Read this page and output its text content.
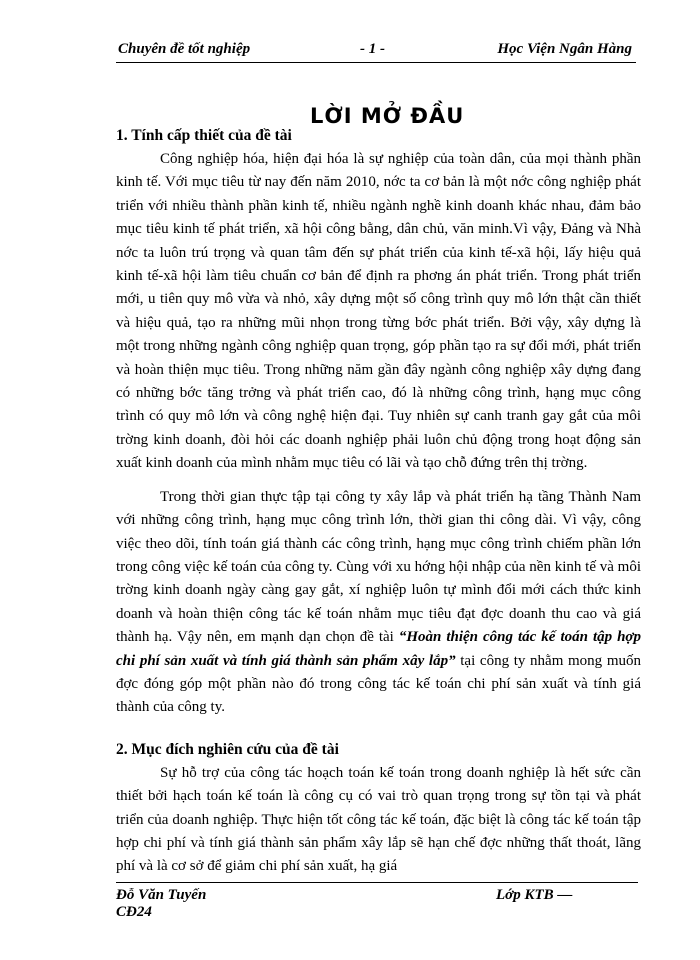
Chuyên đề tốt nghiệp	- 1 -	Học Viện Ngân Hàng
LỜI MỞ ĐẦU

1. Tính cấp thiết của đề tài

Công nghiệp hóa, hiện đại hóa là sự nghiệp của toàn dân, của mọi thành phần kinh tế. Với mục tiêu từ nay đến năm 2010, nớc ta cơ bản là một nớc công nghiệp phát triển với nhiều thành phần kinh tế, nhiều ngành nghề kinh doanh khác nhau, đảm bảo mục tiêu kinh tế phát triển, xã hội công bằng, dân chủ, văn minh.Vì vậy, Đảng và Nhà nớc ta luôn trú trọng và quan tâm đến sự phát triển của kinh tế-xã hội, lấy hiệu quả kinh tế-xã hội làm tiêu chuẩn cơ bản để định ra phơng án phát triển. Trong phát triển mới, u tiên quy mô vừa và nhỏ, xây dựng một số công trình quy mô lớn thật cần thiết và hiệu quả, tạo ra những mũi nhọn trong từng bớc phát triển. Bởi vậy, xây dựng là một trong những ngành công nghiệp quan trọng, góp phần tạo ra sự đổi mới, phát triển và hoàn thiện mục tiêu. Trong những năm gần đây ngành công nghiệp xây dựng đang có những bớc tăng trởng và phát triển cao, đó là những công trình, hạng mục công trình có quy mô lớn và công nghệ hiện đại. Tuy nhiên sự canh tranh gay gắt của môi trờng kinh doanh, đòi hỏi các doanh nghiệp phải luôn chủ động trong hoạt động sản xuất kinh doanh của mình nhằm mục tiêu có lãi và tạo chỗ đứng trên thị trờng.

Trong thời gian thực tập tại công ty xây lắp và phát triển hạ tầng Thành Nam với những công trình, hạng mục công trình lớn, thời gian thi công dài. Vì vậy, công việc theo dõi, tính toán giá thành các công trình, hạng mục công trình chiếm phần lớn trong công việc kế toán của công ty. Cùng với xu hớng hội nhập của nền kinh tế và môi trờng kinh doanh ngày càng gay gắt, xí nghiệp luôn tự mình đổi mới cách thức kinh doanh và hoàn thiện công tác kế toán nhằm mục tiêu đạt đợc doanh thu cao và giá thành hạ. Vậy nên, em mạnh dạn chọn đề tài “Hoàn thiện công tác kế toán tập hợp chi phí sản xuất và tính giá thành sản phẩm xây lắp” tại công ty nhằm mong muốn đợc đóng góp một phần nào đó trong công tác kế toán chi phí sản xuất và tính giá thành của công ty.

2. Mục đích nghiên cứu của đề tài

Sự hỗ trợ của công tác hoạch toán kế toán trong doanh nghiệp là hết sức cần thiết bởi hạch toán kế toán là công cụ có vai trò quan trọng trong sự tồn tại và phát triển của doanh nghiệp. Thực hiện tốt công tác kế toán, đặc biệt là công tác kế toán tập hợp chi phí và tính giá thành sản phẩm xây lắp sẽ hạn chế đợc những thất thoát, lãng phí và là cơ sở để giảm chi phí sản xuất, hạ giá

Đỗ Văn Tuyến
CĐ24
Lớp KTB —
